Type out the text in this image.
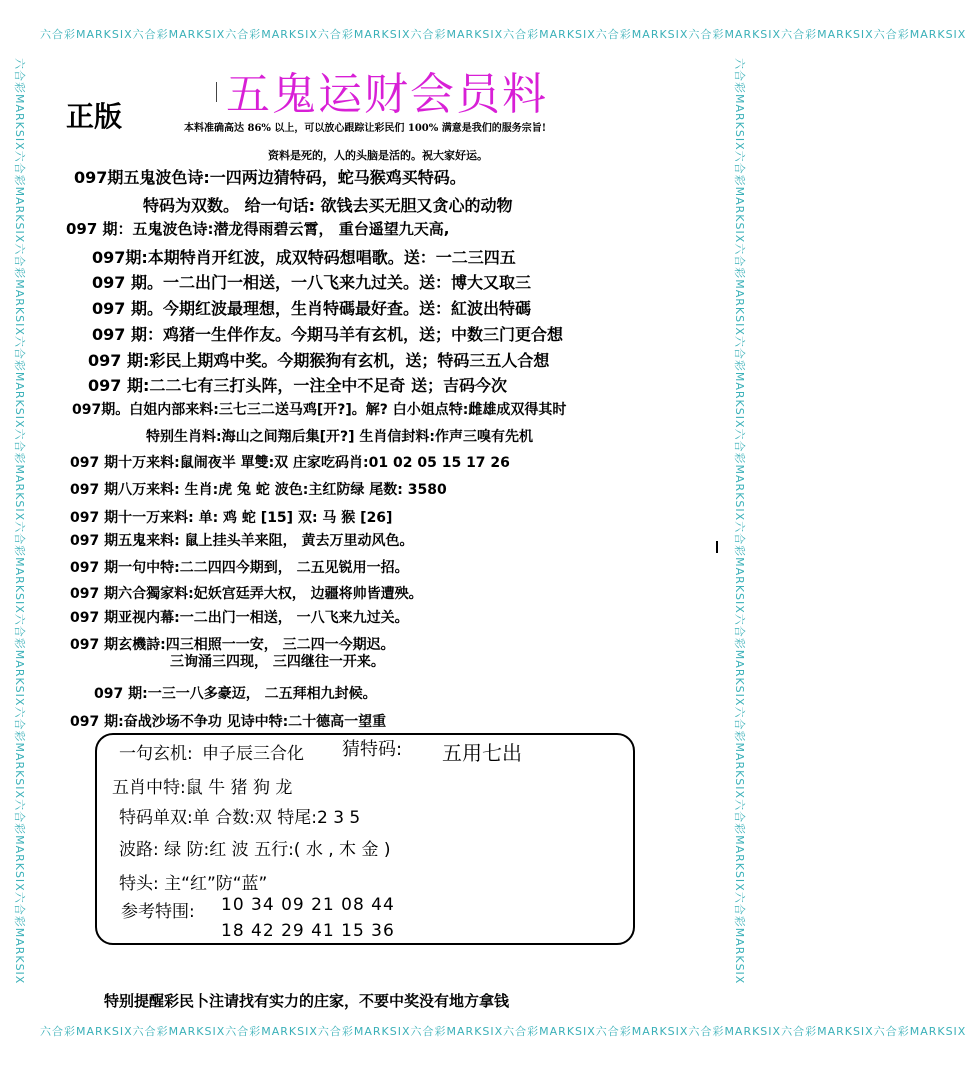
六合彩MARKSIX六合彩MARKSIX六合彩MARKSIX六合彩MARKSIX六合彩MARKSIX六合彩MARKSIX六合彩MARKSIX六合彩MARKSIX六合彩MARKSIX六合彩MARKSIX
六合彩MARKSIX六合彩MARKSIX六合彩MARKSIX六合彩MARKSIX六合彩MARKSIX六合彩MARKSIX六合彩MARKSIX六合彩MARKSIX六合彩MARKSIX六合彩MARKSIX
六合彩MARKSIX六合彩MARKSIX六合彩MARKSIX六合彩MARKSIX六合彩MARKSIX六合彩MARKSIX六合彩MARKSIX六合彩MARKSIX六合彩MARKSIX六合彩MARKSIX	六合彩MARKSIX六合彩MARKSIX六合彩MARKSIX六合彩MARKSIX六合彩MARKSIX六合彩MARKSIX六合彩MARKSIX六合彩MARKSIX六合彩MARKSIX六合彩MARKSIX
五鬼运财会员料
正版	本料准确高达 86% 以上，可以放心跟踪让彩民们 100% 满意是我们的服务宗旨!
资料是死的，人的头脑是活的。祝大家好运。
097期五鬼波色诗:一四两边猜特码，蛇马猴鸡买特码。
特码为双数。 给一句话: 欲钱去买无胆又贪心的动物
097 期：五鬼波色诗:潜龙得雨碧云霄， 重台遥望九天高,
097期:本期特肖开红波，成双特码想唱歌。送：一二三四五
097 期。一二出门一相送，一八飞来九过关。送：博大又取三
097 期。今期红波最理想，生肖特碼最好查。送：紅波出特碼
097 期：鸡猪一生伴作友。今期马羊有玄机，送；中数三门更合想
097 期:彩民上期鸡中奖。今期猴狗有玄机，送；特码三五人合想
097 期:二二七有三打头阵，一注全中不足奇 送；吉码今次
097期。白姐内部来料:三七三二送马鸡[开?]。解? 白小姐点特:雌雄成双得其时
特别生肖料:海山之间翔后集[开?] 生肖信封料:作声三嗅有先机
097 期十万来料:鼠闹夜半 單雙:双 庄家吃码肖:01 02 05 15 17 26
097 期八万来料: 生肖:虎 兔 蛇 波色:主红防绿 尾数: 3580
097 期十一万来料: 单: 鸡 蛇 [15] 双: 马 猴 [26]
097 期五鬼来料: 鼠上挂头羊来阻， 黄去万里动风色。
097 期一句中特:二二四四今期到， 二五见锐用一招。
097 期六合獨家料:妃妖宫廷弄大权， 边疆将帅皆遭殃。
097 期亚视内幕:一二出门一相送， 一八飞来九过关。
097 期玄機詩:四三相照一一安， 三二四一今期迟。
三询涌三四现， 三四继往一开来。
097 期:一三一八多豪迈， 二五拜相九封候。
097 期:奋战沙场不争功 见诗中特:二十德高一望重
一句玄机: 申子辰三合化 猜特码: 五用七出
五肖中特:鼠 牛 猪 狗 龙
特码单双:单 合数:双 特尾:2 3 5
波路: 绿 防:红 波 五行:( 水 , 木 金 )
特头: 主“红”防“蓝”
参考特围: 10 34 09 21 08 44
18 42 29 41 15 36
特别提醒彩民卜注请找有实力的庄家，不要中奖没有地方拿钱
